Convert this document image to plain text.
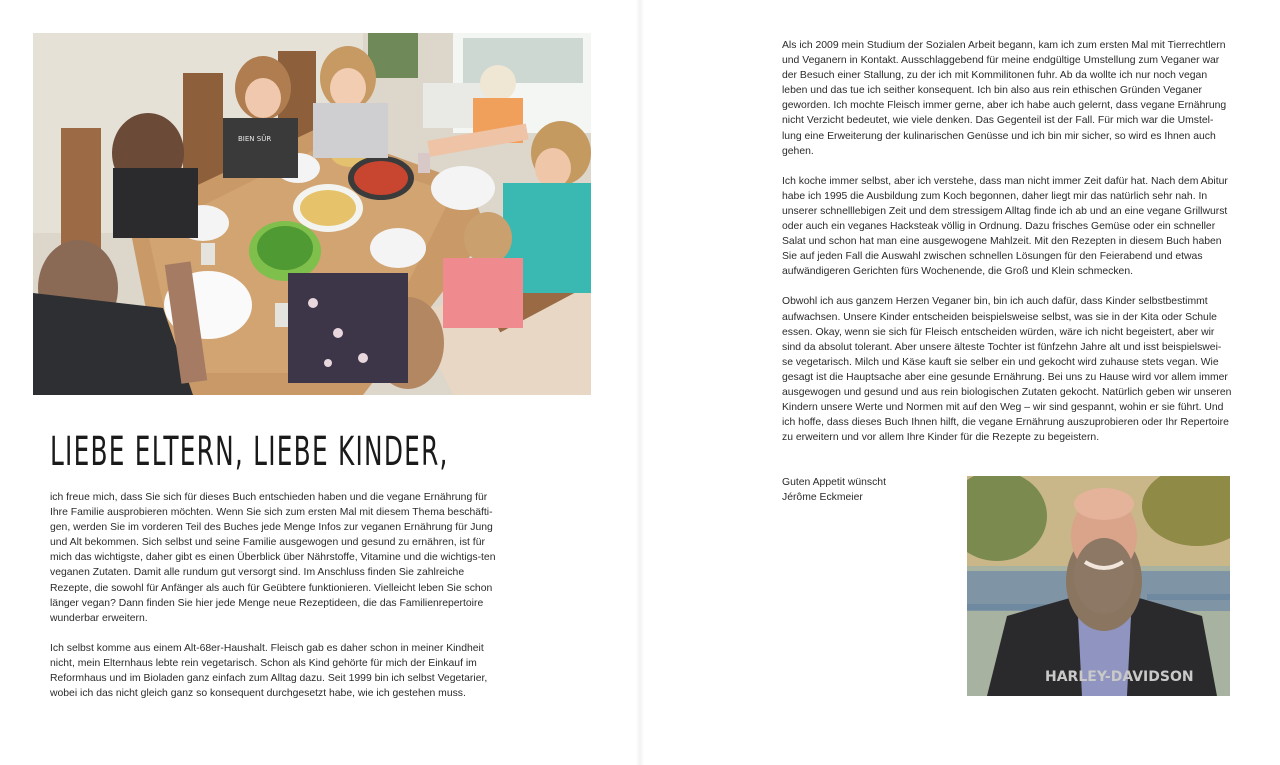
BIEN SÛR
LIEBE ELTERN, LIEBE KINDER,

ich freue mich, dass Sie sich für dieses Buch entschieden haben und die vegane Ernährung für Ihre Familie ausprobieren möchten. Wenn Sie sich zum ersten Mal mit diesem Thema beschäfti-gen, werden Sie im vorderen Teil des Buches jede Menge Infos zur veganen Ernährung für Jung und Alt bekommen. Sich selbst und seine Familie ausgewogen und gesund zu ernähren, ist für mich das wichtigste, daher gibt es einen Überblick über Nährstoffe, Vitamine und die wichtigs-ten veganen Zutaten. Damit alle rundum gut versorgt sind. Im Anschluss finden Sie zahlreiche Rezepte, die sowohl für Anfänger als auch für Geübtere funktionieren. Vielleicht leben Sie schon länger vegan? Dann finden Sie hier jede Menge neue Rezeptideen, die das Familienrepertoire wunderbar erweitern.

Ich selbst komme aus einem Alt-68er-Haushalt. Fleisch gab es daher schon in meiner Kindheit nicht, mein Elternhaus lebte rein vegetarisch. Schon als Kind gehörte für mich der Einkauf im Reformhaus und im Bioladen ganz einfach zum Alltag dazu. Seit 1999 bin ich selbst Vegetarier, wobei ich das nicht gleich ganz so konsequent durchgesetzt habe, wie ich gestehen muss.

Als ich 2009 mein Studium der Sozialen Arbeit begann, kam ich zum ersten Mal mit Tierrechtlern und Veganern in Kontakt. Ausschlaggebend für meine endgültige Umstellung zum Veganer war der Besuch einer Stallung, zu der ich mit Kommilitonen fuhr. Ab da wollte ich nur noch vegan leben und das tue ich seither konsequent. Ich bin also aus rein ethischen Gründen Veganer geworden. Ich mochte Fleisch immer gerne, aber ich habe auch gelernt, dass vegane Ernährung nicht Verzicht bedeutet, wie viele denken. Das Gegenteil ist der Fall. Für mich war die Umstel-lung eine Erweiterung der kulinarischen Genüsse und ich bin mir sicher, so wird es Ihnen auch gehen.

Ich koche immer selbst, aber ich verstehe, dass man nicht immer Zeit dafür hat. Nach dem Abitur habe ich 1995 die Ausbildung zum Koch begonnen, daher liegt mir das natürlich sehr nah. In unserer schnelllebigen Zeit und dem stressigem Alltag finde ich ab und an eine vegane Grillwurst oder auch ein veganes Hacksteak völlig in Ordnung. Dazu frisches Gemüse oder ein schneller Salat und schon hat man eine ausgewogene Mahlzeit. Mit den Rezepten in diesem Buch haben Sie auf jeden Fall die Auswahl zwischen schnellen Lösungen für den Feierabend und etwas aufwändigeren Gerichten fürs Wochenende, die Groß und Klein schmecken.

Obwohl ich aus ganzem Herzen Veganer bin, bin ich auch dafür, dass Kinder selbstbestimmt aufwachsen. Unsere Kinder entscheiden beispielsweise selbst, was sie in der Kita oder Schule essen. Okay, wenn sie sich für Fleisch entscheiden würden, wäre ich nicht begeistert, aber wir sind da absolut tolerant. Aber unsere älteste Tochter ist fünfzehn Jahre alt und isst beispielswei-se vegetarisch. Milch und Käse kauft sie selber ein und gekocht wird zuhause stets vegan. Wie gesagt ist die Hauptsache aber eine gesunde Ernährung. Bei uns zu Hause wird vor allem immer ausgewogen und gesund und aus rein biologischen Zutaten gekocht. Natürlich geben wir unseren Kindern unsere Werte und Normen mit auf den Weg – wir sind gespannt, wohin er sie führt. Und ich hoffe, dass dieses Buch Ihnen hilft, die vegane Ernährung auszuprobieren oder Ihr Repertoire zu erweitern und vor allem Ihre Kinder für die Rezepte zu begeistern.

Guten Appetit wünscht

Jérôme Eckmeier

HARLEY-DAVIDSON
